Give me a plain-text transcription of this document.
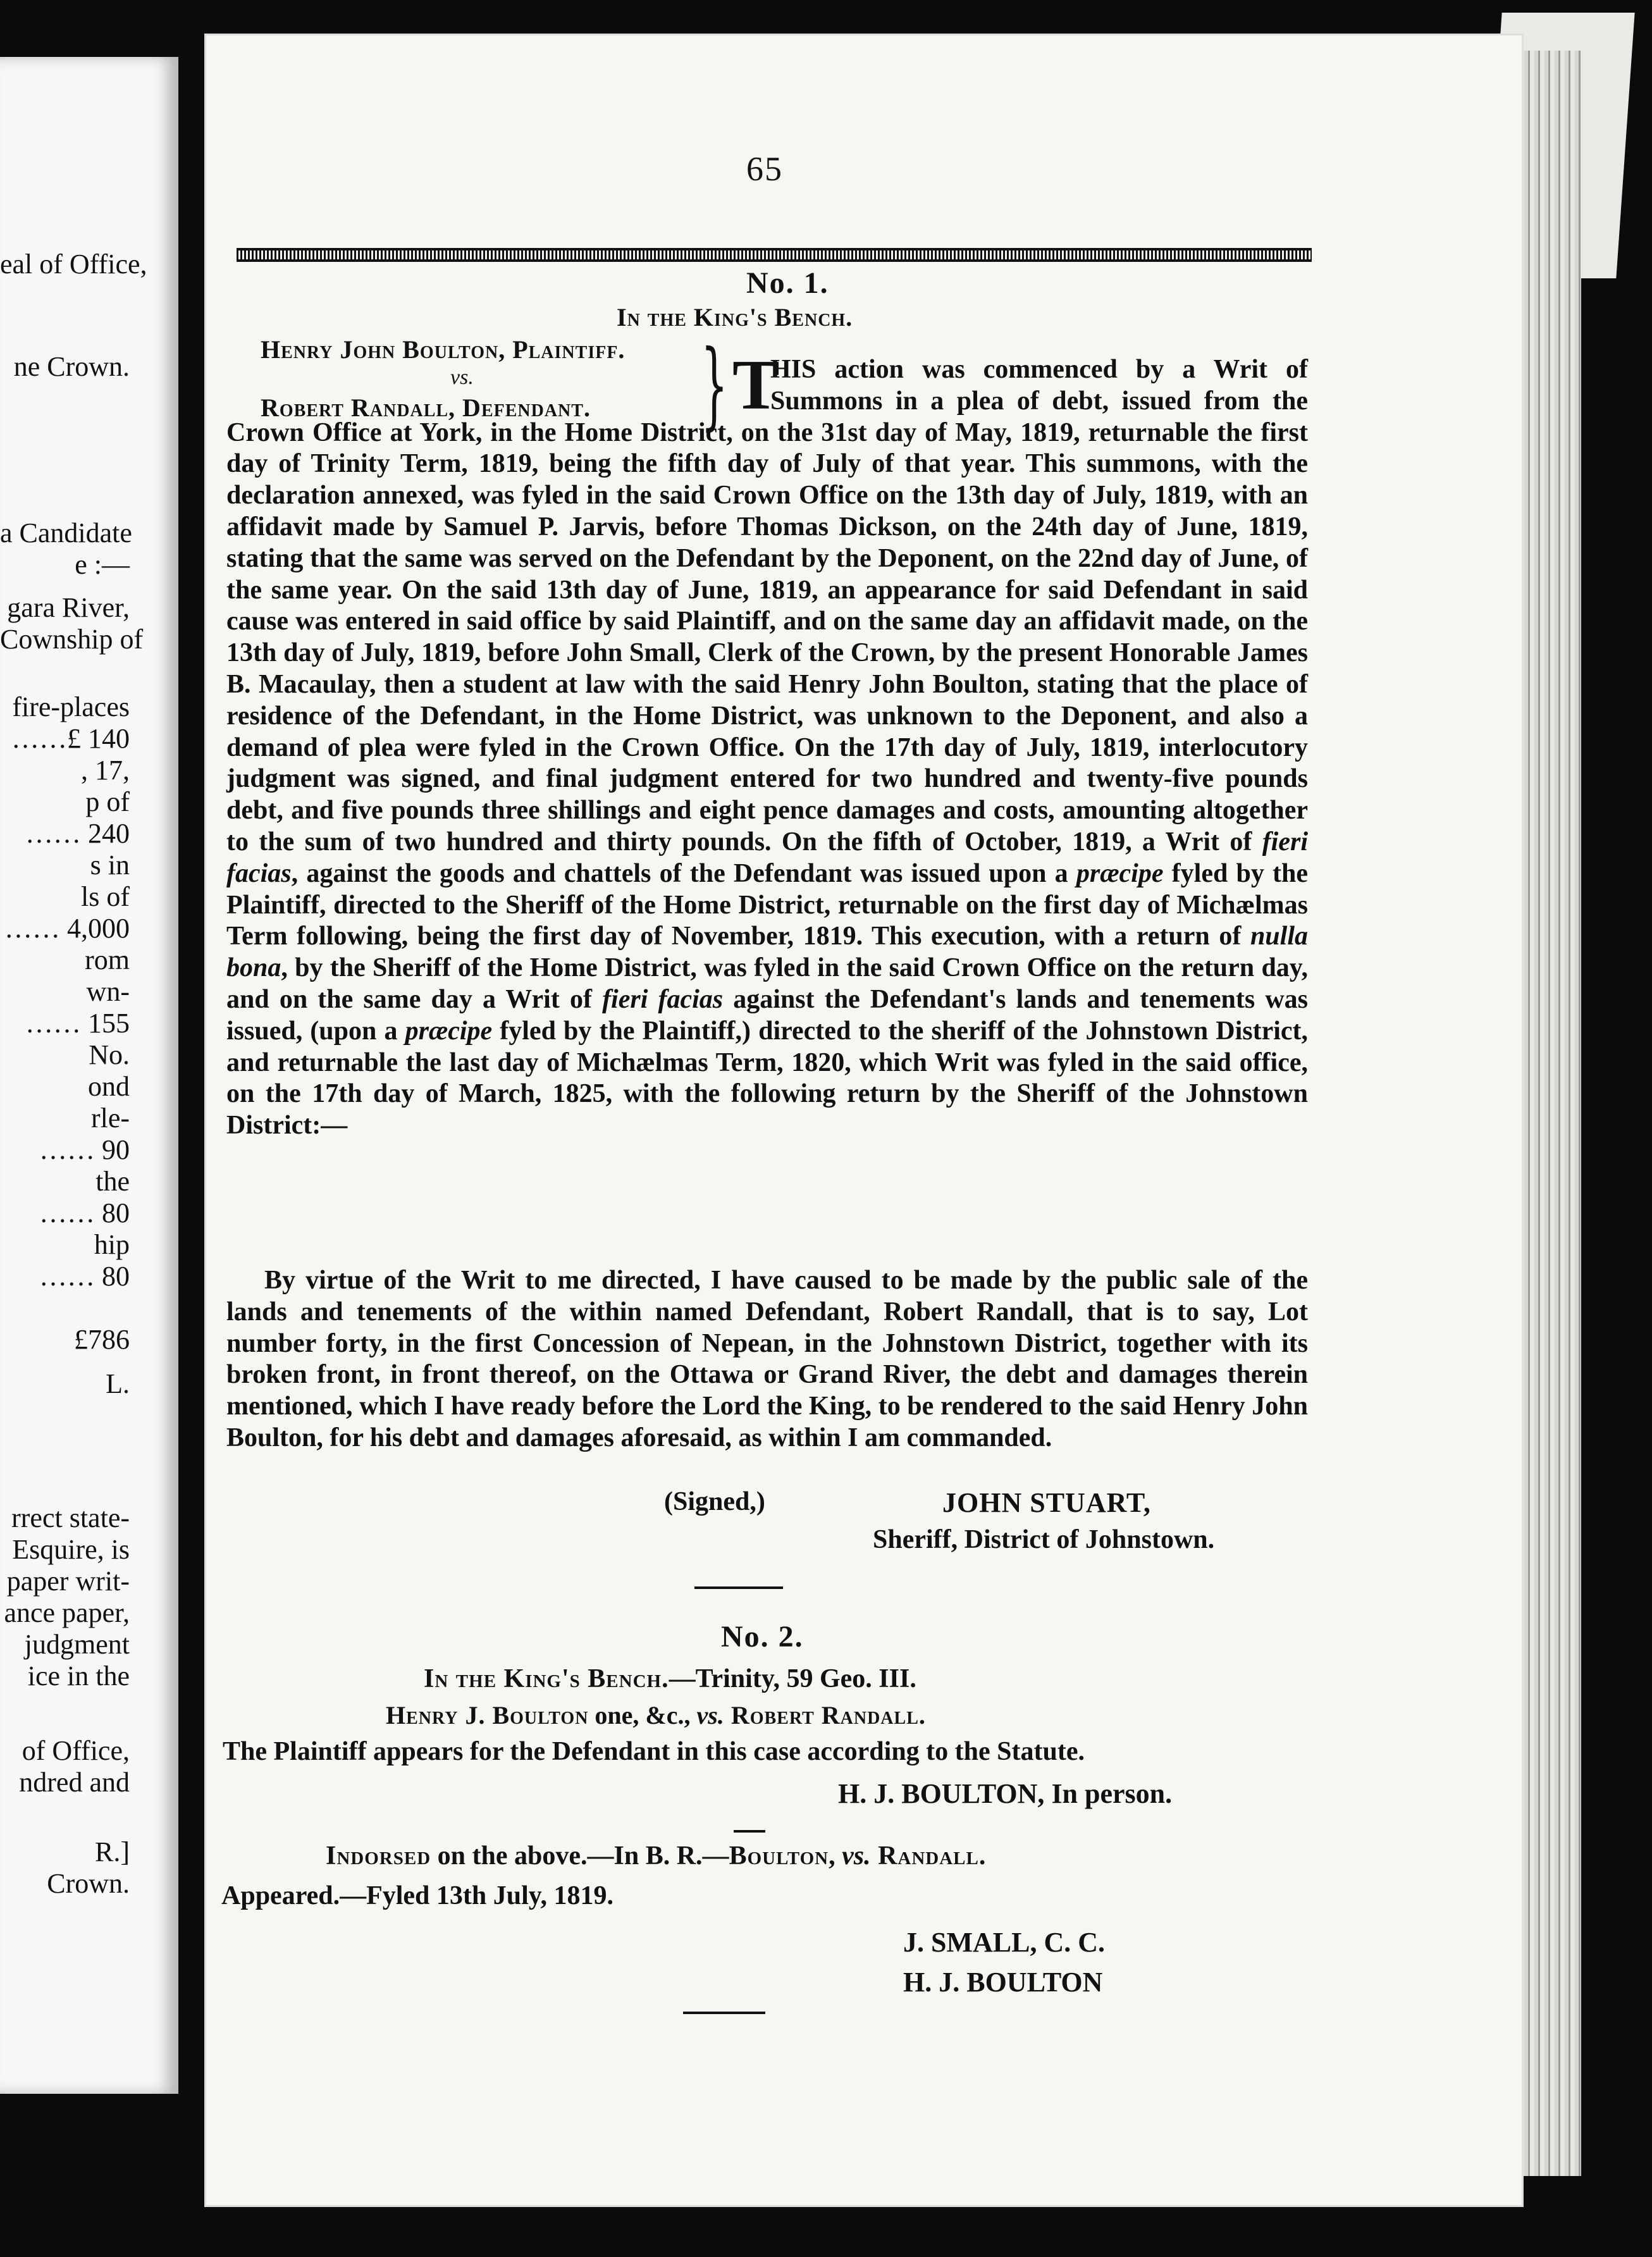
eal of Office,
ne Crown.
a Candidate
e :—
gara River,
Cownship of
fire-places
……£ 140
, 17,
p of
…… 240
s in
ls of
…… 4,000
rom
wn-
…… 155
No.
ond
rle-
…… 90
the
…… 80
hip
…… 80
£786
L.
rrect state-
Esquire, is
paper writ-
ance paper,
judgment
ice in the
of Office,
ndred and
R.]
Crown.
65
No. 1.
In the King's Bench.
Henry John Boulton, Plaintiff.
vs.
Robert Randall, Defendant. } T
HIS action was commenced by a Writ of Summons in a plea of debt, issued from the Crown Office at York, in the Home District, on the 31st day of May, 1819, returnable the first day of Trinity Term, 1819, being the fifth day of July of that year. This summons, with the declaration annexed, was fyled in the said Crown Office on the 13th day of July, 1819, with an affidavit made by Samuel P. Jarvis, before Thomas Dickson, on the 24th day of June, 1819, stating that the same was served on the Defendant by the Deponent, on the 22nd day of June, of the same year. On the said 13th day of June, 1819, an appearance for said Defendant in said cause was entered in said office by said Plaintiff, and on the same day an affidavit made, on the 13th day of July, 1819, before John Small, Clerk of the Crown, by the present Honorable James B. Macaulay, then a student at law with the said Henry John Boulton, stating that the place of residence of the Defendant, in the Home District, was unknown to the Deponent, and also a demand of plea were fyled in the Crown Office. On the 17th day of July, 1819, interlocutory judgment was signed, and final judgment entered for two hundred and twenty-five pounds debt, and five pounds three shillings and eight pence damages and costs, amounting altogether to the sum of two hundred and thirty pounds. On the fifth of October, 1819, a Writ of fieri facias, against the goods and chattels of the Defendant was issued upon a præcipe fyled by the Plaintiff, directed to the Sheriff of the Home District, returnable on the first day of Michælmas Term following, being the first day of November, 1819. This execution, with a return of nulla bona, by the Sheriff of the Home District, was fyled in the said Crown Office on the return day, and on the same day a Writ of fieri facias against the Defendant's lands and tenements was issued, (upon a præcipe fyled by the Plaintiff,) directed to the sheriff of the Johnstown District, and returnable the last day of Michælmas Term, 1820, which Writ was fyled in the said office, on the 17th day of March, 1825, with the following return by the Sheriff of the Johnstown District:—
By virtue of the Writ to me directed, I have caused to be made by the public sale of the lands and tenements of the within named Defendant, Robert Randall, that is to say, Lot number forty, in the first Concession of Nepean, in the Johnstown District, together with its broken front, in front thereof, on the Ottawa or Grand River, the debt and damages therein mentioned, which I have ready before the Lord the King, to be rendered to the said Henry John Boulton, for his debt and damages aforesaid, as within I am commanded.
(Signed,)	JOHN STUART,
Sheriff, District of Johnstown.
No. 2.
In the King's Bench.—Trinity, 59 Geo. III.
Henry J. Boulton one, &c., vs. Robert Randall.
The Plaintiff appears for the Defendant in this case according to the Statute.
H. J. BOULTON, In person.
Indorsed on the above.—In B. R.—Boulton, vs. Randall.
Appeared.—Fyled 13th July, 1819.
J. SMALL, C. C.
H. J. BOULTON
